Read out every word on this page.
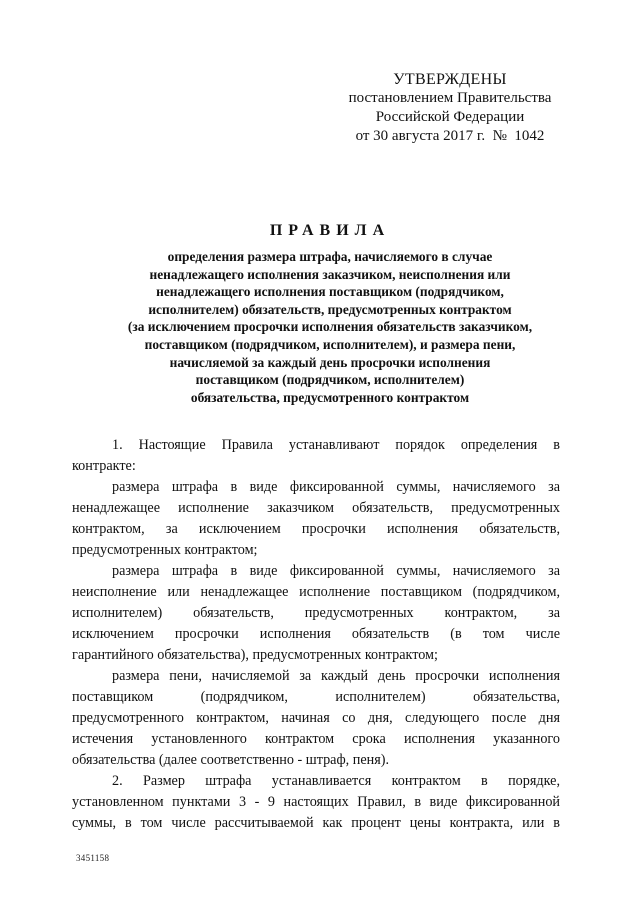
УТВЕРЖДЕНЫ
постановлением Правительства
Российской Федерации
от 30 августа 2017 г.  №  1042
ПРАВИЛА
определения размера штрафа, начисляемого в случае
ненадлежащего исполнения заказчиком, неисполнения или
ненадлежащего исполнения поставщиком (подрядчиком,
исполнителем) обязательств, предусмотренных контрактом
(за исключением просрочки исполнения обязательств заказчиком,
поставщиком (подрядчиком, исполнителем), и размера пени,
начисляемой за каждый день просрочки исполнения
поставщиком (подрядчиком, исполнителем)
обязательства, предусмотренного контрактом
1. Настоящие Правила устанавливают порядок определения в
контракте:
размера штрафа в виде фиксированной суммы, начисляемого за
ненадлежащее исполнение заказчиком обязательств, предусмотренных
контрактом, за исключением просрочки исполнения обязательств,
предусмотренных контрактом;
размера штрафа в виде фиксированной суммы, начисляемого за
неисполнение или ненадлежащее исполнение поставщиком (подрядчиком,
исполнителем) обязательств, предусмотренных контрактом, за
исключением просрочки исполнения обязательств (в том числе
гарантийного обязательства), предусмотренных контрактом;
размера пени, начисляемой за каждый день просрочки исполнения
поставщиком (подрядчиком, исполнителем) обязательства,
предусмотренного контрактом, начиная со дня, следующего после дня
истечения установленного контрактом срока исполнения указанного
обязательства (далее соответственно - штраф, пеня).
2. Размер штрафа устанавливается контрактом в порядке,
установленном пунктами 3 - 9 настоящих Правил, в виде фиксированной
суммы, в том числе рассчитываемой как процент цены контракта, или в
3451158
